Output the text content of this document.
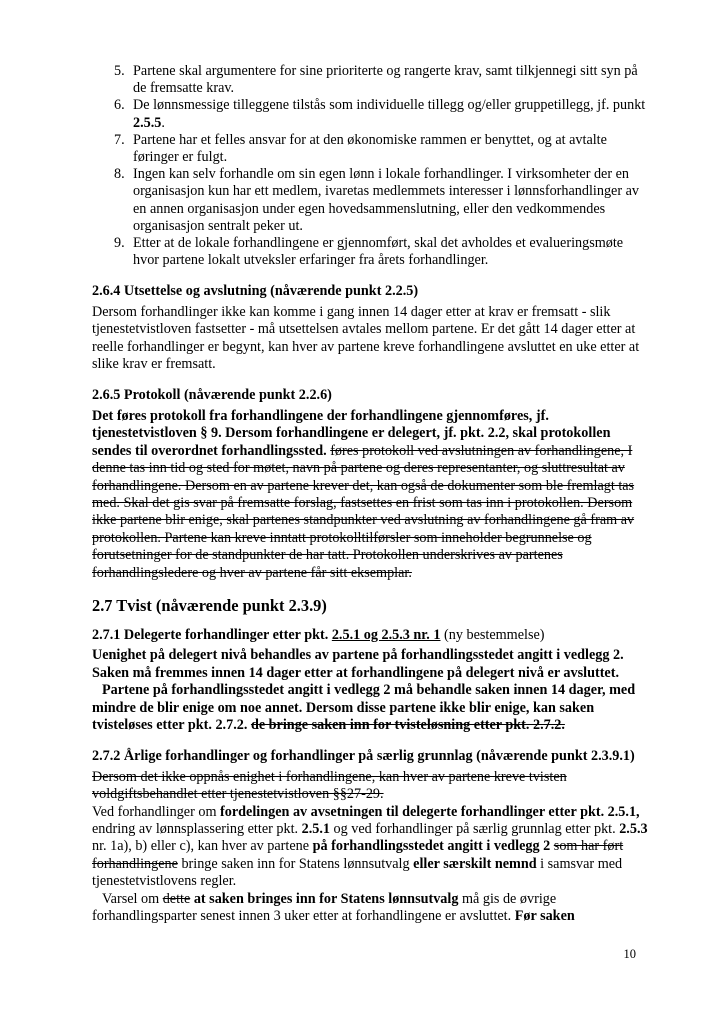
5. Partene skal argumentere for sine prioriterte og rangerte krav, samt tilkjennegi sitt syn på de fremsatte krav.
6. De lønnsmessige tilleggene tilstås som individuelle tillegg og/eller gruppetillegg, jf. punkt 2.5.5.
7. Partene har et felles ansvar for at den økonomiske rammen er benyttet, og at avtalte føringer er fulgt.
8. Ingen kan selv forhandle om sin egen lønn i lokale forhandlinger. I virksomheter der en organisasjon kun har ett medlem, ivaretas medlemmets interesser i lønnsforhandlinger av en annen organisasjon under egen hovedsammenslutning, eller den vedkommendes organisasjon sentralt peker ut.
9. Etter at de lokale forhandlingene er gjennomført, skal det avholdes et evalueringsmøte hvor partene lokalt utveksler erfaringer fra årets forhandlinger.
2.6.4 Utsettelse og avslutning (nåværende punkt 2.2.5)

Dersom forhandlinger ikke kan komme i gang innen 14 dager etter at krav er fremsatt - slik tjenestetvistloven fastsetter - må utsettelsen avtales mellom partene. Er det gått 14 dager etter at reelle forhandlinger er begynt, kan hver av partene kreve forhandlingene avsluttet en uke etter at slike krav er fremsatt.

2.6.5 Protokoll (nåværende punkt 2.2.6)

Det føres protokoll fra forhandlingene der forhandlingene gjennomføres, jf. tjenestetvistloven § 9. Dersom forhandlingene er delegert, jf. pkt. 2.2, skal protokollen sendes til overordnet forhandlingssted. føres protokoll ved avslutningen av forhandlingene, I denne tas inn tid og sted for møtet, navn på partene og deres representanter, og sluttresultat av forhandlingene. Dersom en av partene krever det, kan også de dokumenter som ble fremlagt tas med. Skal det gis svar på fremsatte forslag, fastsettes en frist som tas inn i protokollen. Dersom ikke partene blir enige, skal partenes standpunkter ved avslutning av forhandlingene gå fram av protokollen. Partene kan kreve inntatt protokolltilførsler som inneholder begrunnelse og forutsetninger for de standpunkter de har tatt. Protokollen underskrives av partenes forhandlingsledere og hver av partene får sitt eksemplar.

2.7 Tvist (nåværende punkt 2.3.9)
2.7.1 Delegerte forhandlinger etter pkt. 2.5.1 og 2.5.3 nr. 1 (ny bestemmelse)

Uenighet på delegert nivå behandles av partene på forhandlingsstedet angitt i vedlegg 2. Saken må fremmes innen 14 dager etter at forhandlingene på delegert nivå er avsluttet.

Partene på forhandlingsstedet angitt i vedlegg 2 må behandle saken innen 14 dager, med mindre de blir enige om noe annet. Dersom disse partene ikke blir enige, kan saken tvisteløses etter pkt. 2.7.2. de bringe saken inn for tvisteløsning etter pkt. 2.7.2.

2.7.2 Årlige forhandlinger og forhandlinger på særlig grunnlag (nåværende punkt 2.3.9.1)

Dersom det ikke oppnås enighet i forhandlingene, kan hver av partene kreve tvisten voldgiftsbehandlet etter tjenestetvistloven §§27-29.

Ved forhandlinger om fordelingen av avsetningen til delegerte forhandlinger etter pkt. 2.5.1, endring av lønnsplassering etter pkt. 2.5.1 og ved forhandlinger på særlig grunnlag etter pkt. 2.5.3 nr. 1a), b) eller c), kan hver av partene på forhandlingsstedet angitt i vedlegg 2 som har ført forhandlingene bringe saken inn for Statens lønnsutvalg eller særskilt nemnd i samsvar med tjenestetvistlovens regler.

Varsel om dette at saken bringes inn for Statens lønnsutvalg må gis de øvrige forhandlingsparter senest innen 3 uker etter at forhandlingene er avsluttet. Før saken

10
